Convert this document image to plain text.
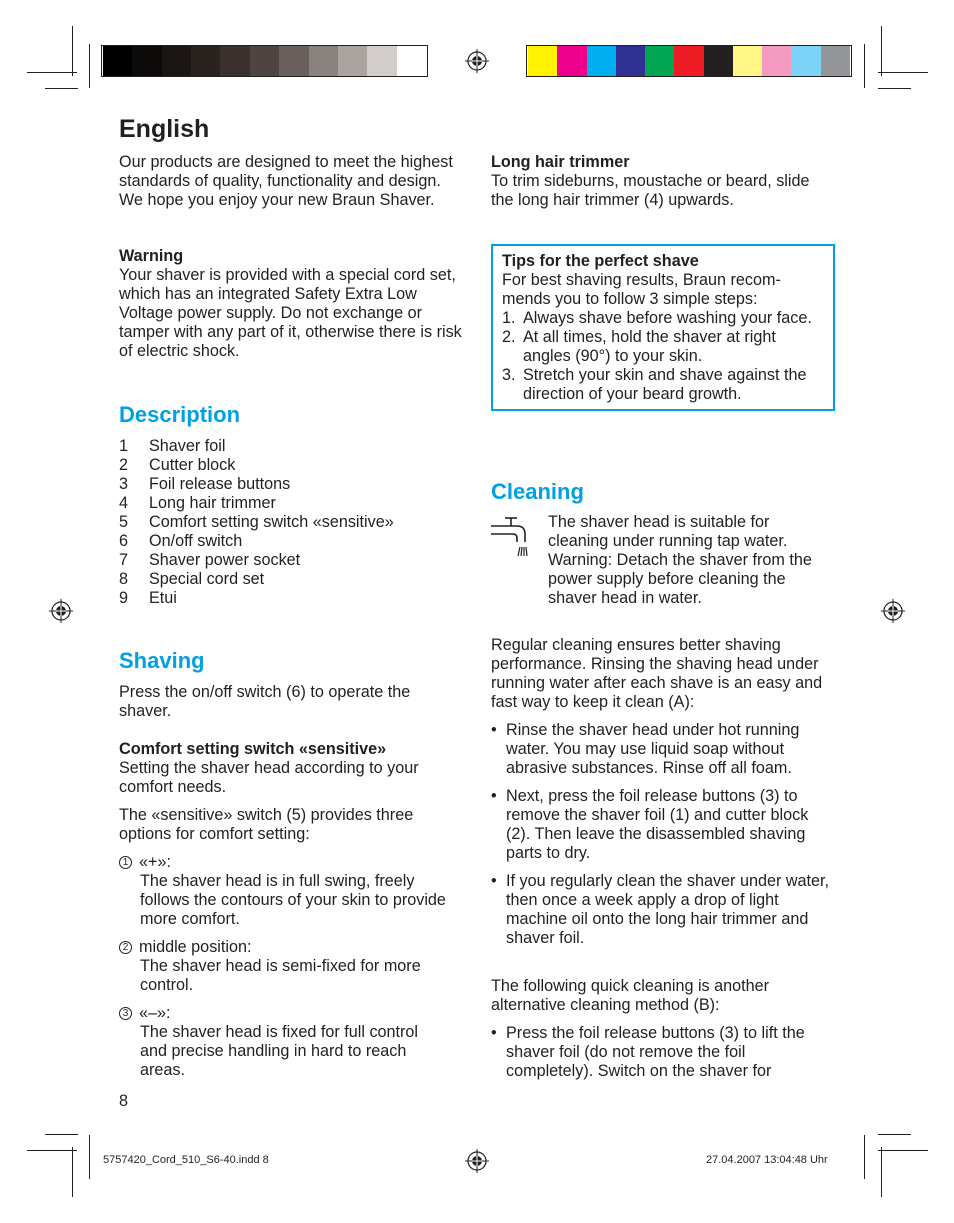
English

Our products are designed to meet the highest standards of quality, functionality and design. We hope you enjoy your new Braun Shaver.

Warning

Your shaver is provided with a special cord set, which has an integrated Safety Extra Low Voltage power supply. Do not exchange or tamper with any part of it, otherwise there is risk of electric shock.

Description
1	Shaver foil
2	Cutter block
3	Foil release buttons
4	Long hair trimmer
5	Comfort setting switch «sensitive»
6	On/off switch
7	Shaver power socket
8	Special cord set
9	Etui
Shaving

Press the on/off switch (6) to operate the shaver.

Comfort setting switch «sensitive»

Setting the shaver head according to your comfort needs.

The «sensitive» switch (5) provides three options for comfort setting:

1 «+»:
The shaver head is in full swing, freely follows the contours of your skin to provide more comfort.
2 middle position:
The shaver head is semi-fixed for more control.
3 «–»:
The shaver head is fixed for full control and precise handling in hard to reach areas.

8

Long hair trimmer

To trim sideburns, moustache or beard, slide the long hair trimmer (4) upwards.

Tips for the perfect shave
For best shaving results, Braun recom-mends you to follow 3 simple steps:
1. Always shave before washing your face.
2. At all times, hold the shaver at right angles (90°) to your skin.
3. Stretch your skin and shave against the direction of your beard growth.
Cleaning

The shaver head is suitable for cleaning under running tap water. Warning: Detach the shaver from the power supply before cleaning the shaver head in water.

Regular cleaning ensures better shaving performance. Rinsing the shaving head under running water after each shave is an easy and fast way to keep it clean (A):

• Rinse the shaver head under hot running water. You may use liquid soap without abrasive substances. Rinse off all foam.
• Next, press the foil release buttons (3) to remove the shaver foil (1) and cutter block (2). Then leave the disassembled shaving parts to dry.
• If you regularly clean the shaver under water, then once a week apply a drop of light machine oil onto the long hair trimmer and shaver foil.

The following quick cleaning is another alternative cleaning method (B):

• Press the foil release buttons (3) to lift the shaver foil (do not remove the foil completely). Switch on the shaver for
5757420_Cord_510_S6-40.indd 8	27.04.2007 13:04:48 Uhr
